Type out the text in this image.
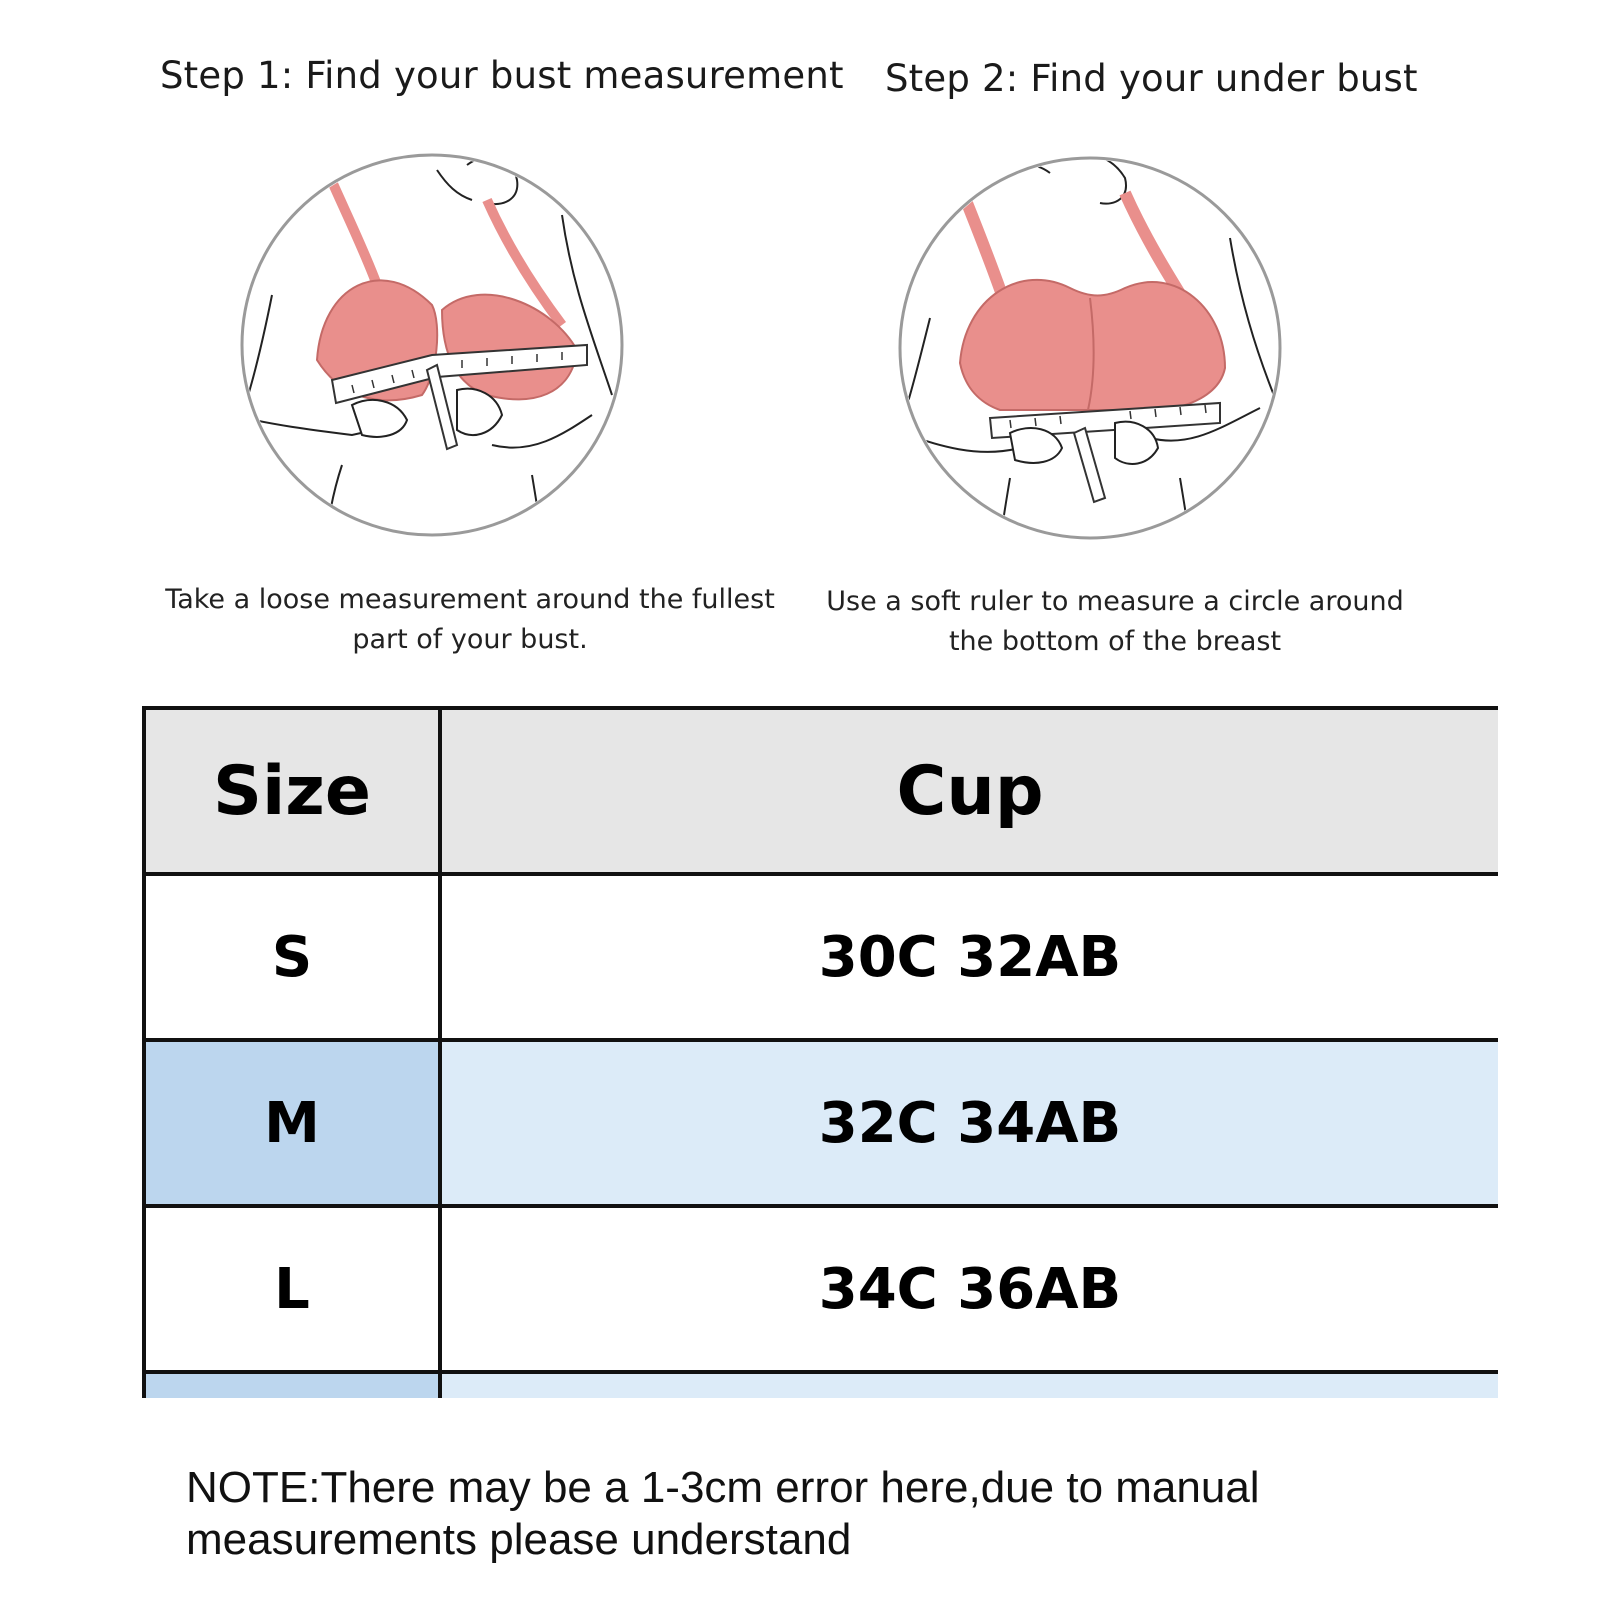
Step 1: Find your bust measurement Step 2: Find your under bust
Take a loose measurement around the fullest part of your bust.
Use a soft ruler to measure a circle around the bottom of the breast
Size	Cup
S	30C 32AB
M	32C 34AB
L	34C 36AB

NOTE:There may be a 1-3cm error here,due to manual measurements please understand
